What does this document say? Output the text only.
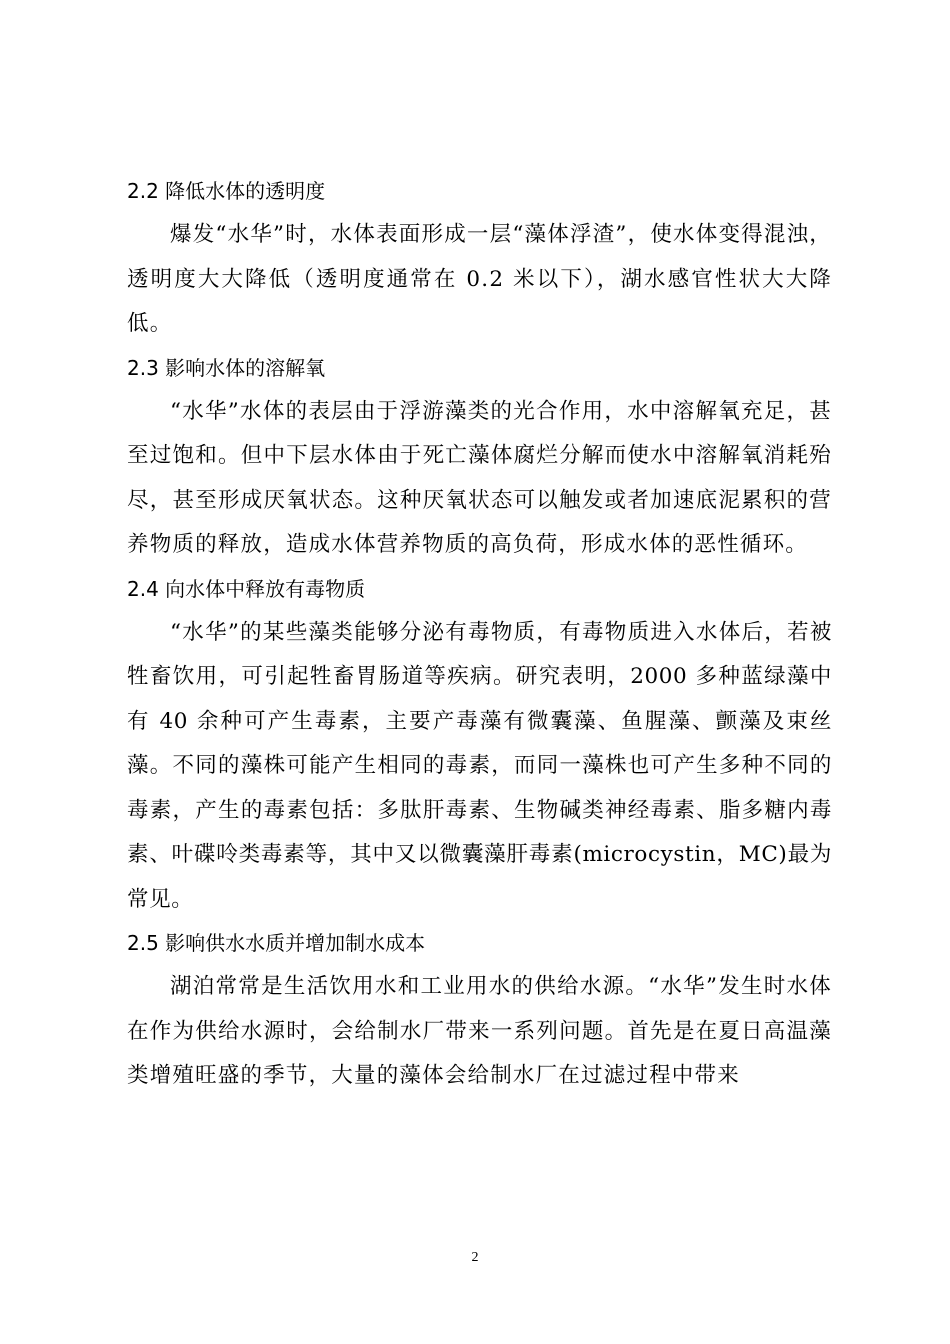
2.2 降低水体的透明度

爆发“水华”时，水体表面形成一层“藻体浮渣”，使水体变得混浊，透明度大大降低（透明度通常在 0.2 米以下），湖水感官性状大大降低。

2.3 影响水体的溶解氧

“水华”水体的表层由于浮游藻类的光合作用，水中溶解氧充足，甚至过饱和。但中下层水体由于死亡藻体腐烂分解而使水中溶解氧消耗殆尽，甚至形成厌氧状态。这种厌氧状态可以触发或者加速底泥累积的营养物质的释放，造成水体营养物质的高负荷，形成水体的恶性循环。

2.4 向水体中释放有毒物质

“水华”的某些藻类能够分泌有毒物质，有毒物质进入水体后，若被牲畜饮用，可引起牲畜胃肠道等疾病。研究表明，2000 多种蓝绿藻中有 40 余种可产生毒素，主要产毒藻有微囊藻、鱼腥藻、颤藻及束丝藻。不同的藻株可能产生相同的毒素，而同一藻株也可产生多种不同的毒素，产生的毒素包括：多肽肝毒素、生物碱类神经毒素、脂多糖内毒素、叶碟呤类毒素等，其中又以微囊藻肝毒素(microcystin，MC)最为常见。

2.5 影响供水水质并增加制水成本

湖泊常常是生活饮用水和工业用水的供给水源。“水华”发生时水体在作为供给水源时，会给制水厂带来一系列问题。首先是在夏日高温藻类增殖旺盛的季节，大量的藻体会给制水厂在过滤过程中带来

2
